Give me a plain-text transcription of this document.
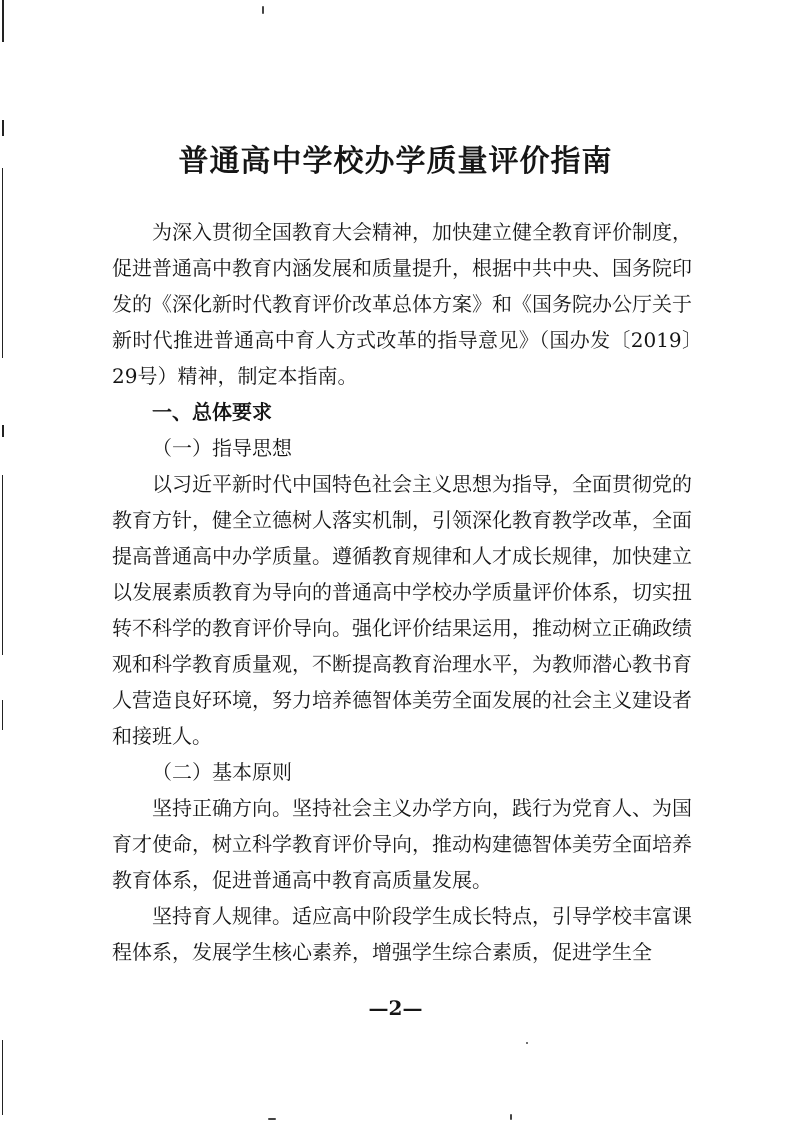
普通高中学校办学质量评价指南

为深入贯彻全国教育大会精神，加快建立健全教育评价制度，促进普通高中教育内涵发展和质量提升，根据中共中央、国务院印发的《深化新时代教育评价改革总体方案》和《国务院办公厅关于新时代推进普通高中育人方式改革的指导意见》（国办发〔2019〕29号）精神，制定本指南。

一、总体要求

（一）指导思想

以习近平新时代中国特色社会主义思想为指导，全面贯彻党的教育方针，健全立德树人落实机制，引领深化教育教学改革，全面提高普通高中办学质量。遵循教育规律和人才成长规律，加快建立以发展素质教育为导向的普通高中学校办学质量评价体系，切实扭转不科学的教育评价导向。强化评价结果运用，推动树立正确政绩观和科学教育质量观，不断提高教育治理水平，为教师潜心教书育人营造良好环境，努力培养德智体美劳全面发展的社会主义建设者和接班人。

（二）基本原则

坚持正确方向。坚持社会主义办学方向，践行为党育人、为国育才使命，树立科学教育评价导向，推动构建德智体美劳全面培养教育体系，促进普通高中教育高质量发展。

坚持育人规律。适应高中阶段学生成长特点，引导学校丰富课程体系，发展学生核心素养，增强学生综合素质，促进学生全

—2—
